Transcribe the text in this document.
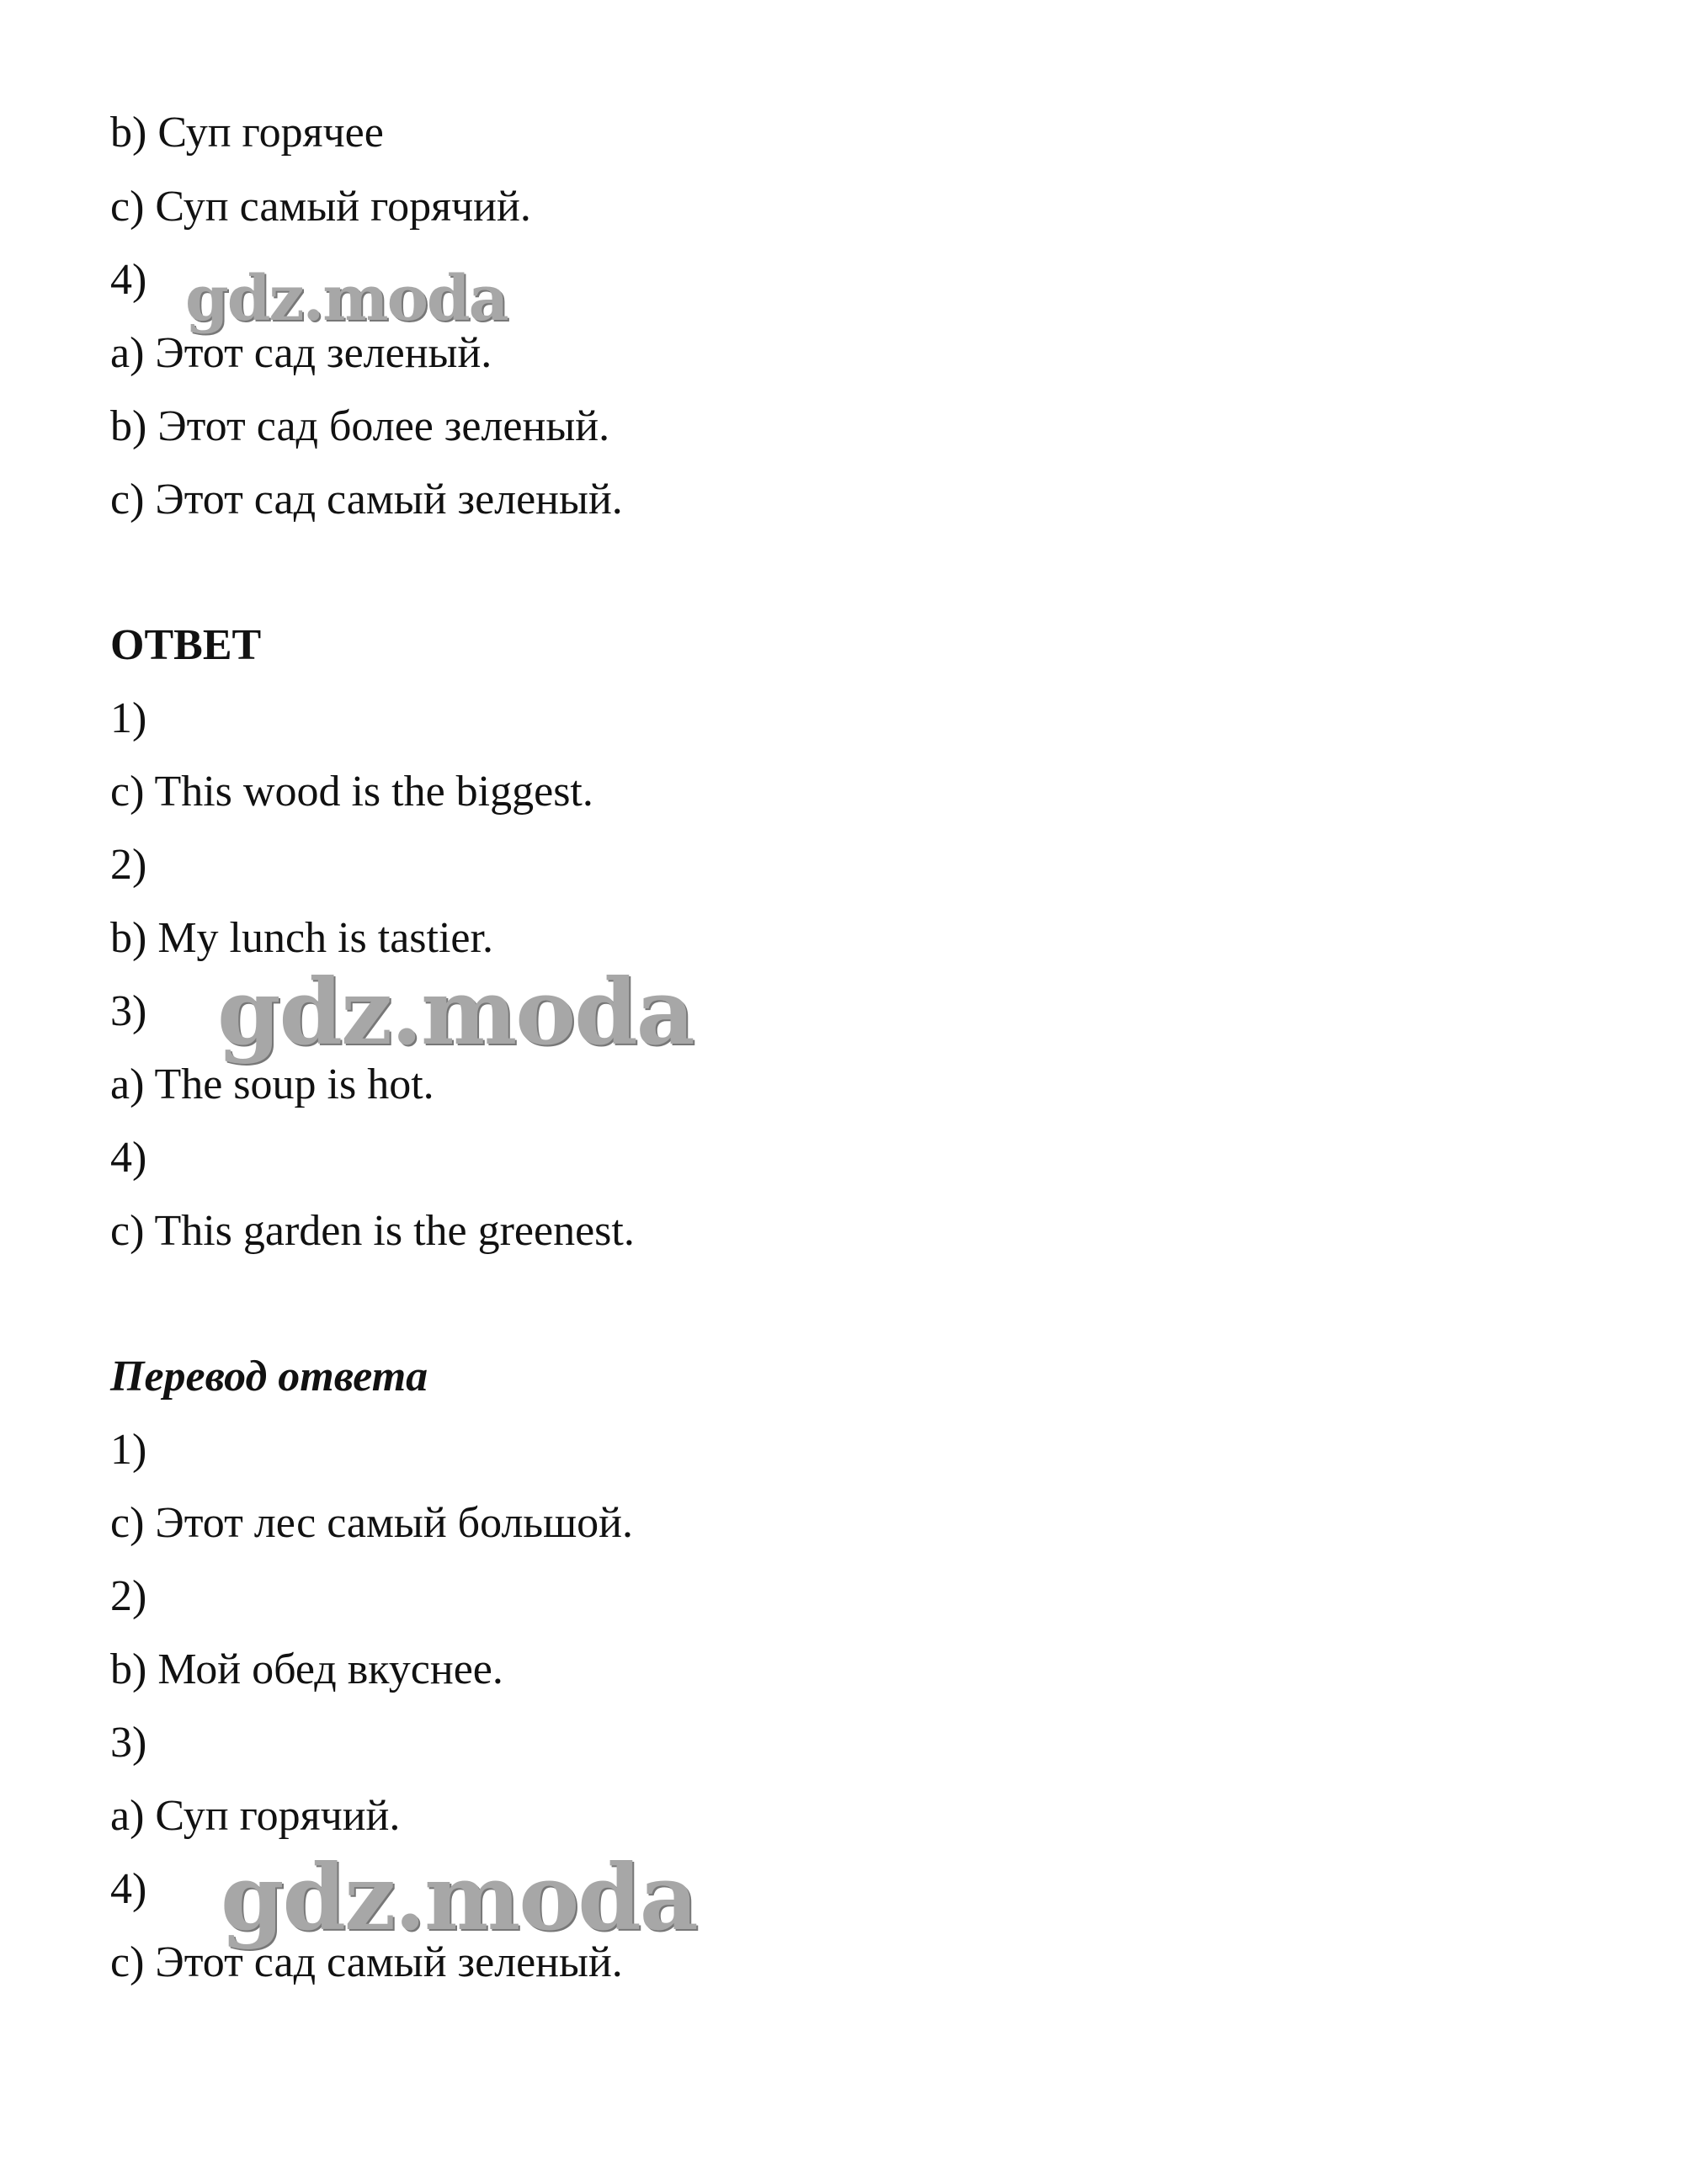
b) Суп горячее
c) Суп самый горячий.
4)
a) Этот сад зеленый.
b) Этот сад более зеленый.
c) Этот сад самый зеленый.
ОТВЕТ
1)
c) This wood is the biggest.
2)
b) My lunch is tastier.
3)
a) The soup is hot.
4)
c) This garden is the greenest.
Перевод ответа
1)
c) Этот лес самый большой.
2)
b) Мой обед вкуснее.
3)
a) Суп горячий.
4)
c) Этот сад самый зеленый.
gdz.moda
gdz.moda
gdz.moda
